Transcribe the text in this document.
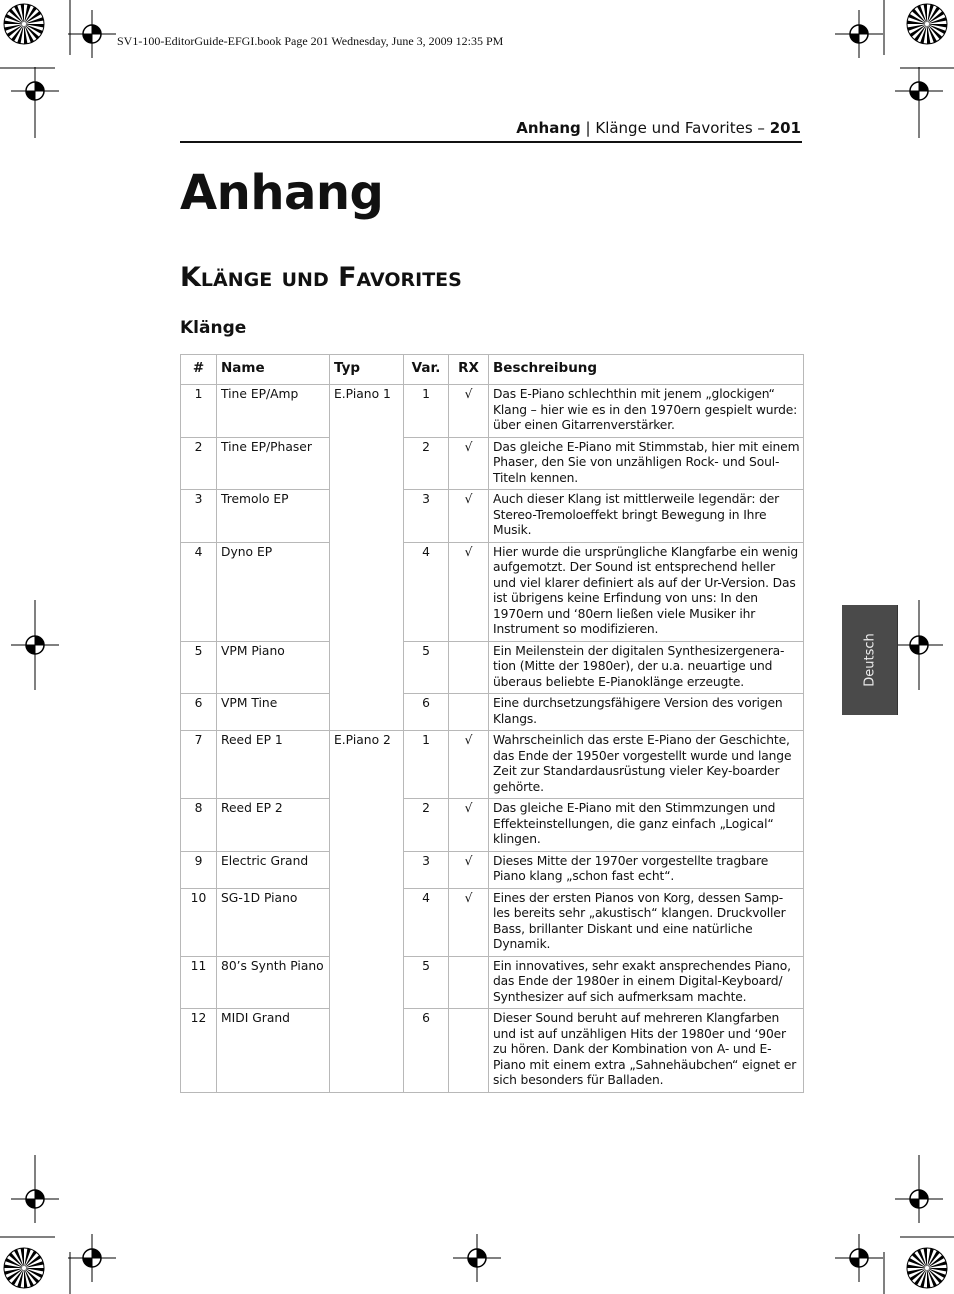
SV1-100-EditorGuide-EFGI.book Page 201 Wednesday, June 3, 2009 12:35 PM
Anhang | Klänge und Favorites – 201
Anhang
Klänge und Favorites
Klänge
#	Name	Typ	Var.	RX	Beschreibung
1	Tine EP/Amp	E.Piano 1	1	√	Das E-Piano schlechthin mit jenem „glockigen“ Klang – hier wie es in den 1970ern gespielt wurde: über einen Gitarrenverstärker.
2	Tine EP/Phaser		2	√	Das gleiche E-Piano mit Stimmstab, hier mit einem Phaser, den Sie von unzähligen Rock- und Soul-Titeln kennen.
3	Tremolo EP		3	√	Auch dieser Klang ist mittlerweile legendär: der Stereo-Tremoloeffekt bringt Bewegung in Ihre Musik.
4	Dyno EP		4	√	Hier wurde die ursprüngliche Klangfarbe ein wenig aufgemotzt. Der Sound ist entsprechend heller und viel klarer definiert als auf der Ur-Version. Das ist übrigens keine Erfindung von uns: In den 1970ern und ‘80ern ließen viele Musiker ihr Instrument so modifizieren.
5	VPM Piano		5		Ein Meilenstein der digitalen Synthesizergenera-tion (Mitte der 1980er), der u.a. neuartige und überaus beliebte E-Pianoklänge erzeugte.
6	VPM Tine		6		Eine durchsetzungsfähigere Version des vorigen Klangs.
7	Reed EP 1	E.Piano 2	1	√	Wahrscheinlich das erste E-Piano der Geschichte, das Ende der 1950er vorgestellt wurde und lange Zeit zur Standardausrüstung vieler Key-boarder gehörte.
8	Reed EP 2		2	√	Das gleiche E-Piano mit den Stimmzungen und Effekteinstellungen, die ganz einfach „Logical“ klingen.
9	Electric Grand		3	√	Dieses Mitte der 1970er vorgestellte tragbare Piano klang „schon fast echt“.
10	SG-1D Piano		4	√	Eines der ersten Pianos von Korg, dessen Samp-les bereits sehr „akustisch“ klangen. Druckvoller Bass, brillanter Diskant und eine natürliche Dynamik.
11	80’s Synth Piano		5		Ein innovatives, sehr exakt ansprechendes Piano, das Ende der 1980er in einem Digital-Keyboard/ Synthesizer auf sich aufmerksam machte.
12	MIDI Grand		6		Dieser Sound beruht auf mehreren Klangfarben und ist auf unzähligen Hits der 1980er und ‘90er zu hören. Dank der Kombination von A- und E-Piano mit einem extra „Sahnehäubchen“ eignet er sich besonders für Balladen.
Deutsch
